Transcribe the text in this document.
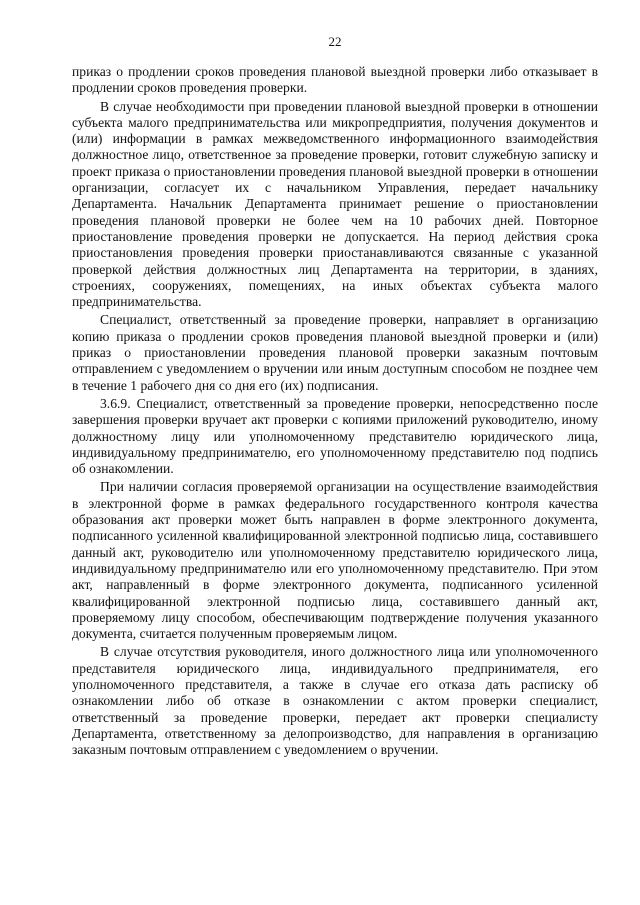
22

приказ о продлении сроков проведения плановой выездной проверки либо отказывает в продлении сроков проведения проверки.

В случае необходимости при проведении плановой выездной проверки в отношении субъекта малого предпринимательства или микропредприятия, получения документов и (или) информации в рамках межведомственного информационного взаимодействия должностное лицо, ответственное за проведение проверки, готовит служебную записку и проект приказа о приостановлении проведения плановой выездной проверки в отношении организации, согласует их с начальником Управления, передает начальнику Департамента. Начальник Департамента принимает решение о приостановлении проведения плановой проверки не более чем на 10 рабочих дней. Повторное приостановление проведения проверки не допускается. На период действия срока приостановления проведения проверки приостанавливаются связанные с указанной проверкой действия должностных лиц Департамента на территории, в зданиях, строениях, сооружениях, помещениях, на иных объектах субъекта малого предпринимательства.

Специалист, ответственный за проведение проверки, направляет в организацию копию приказа о продлении сроков проведения плановой выездной проверки и (или) приказ о приостановлении проведения плановой проверки заказным почтовым отправлением с уведомлением о вручении или иным доступным способом не позднее чем в течение 1 рабочего дня со дня его (их) подписания.

3.6.9. Специалист, ответственный за проведение проверки, непосредственно после завершения проверки вручает акт проверки с копиями приложений руководителю, иному должностному лицу или уполномоченному представителю юридического лица, индивидуальному предпринимателю, его уполномоченному представителю под подпись об ознакомлении.

При наличии согласия проверяемой организации на осуществление взаимодействия в электронной форме в рамках федерального государственного контроля качества образования акт проверки может быть направлен в форме электронного документа, подписанного усиленной квалифицированной электронной подписью лица, составившего данный акт, руководителю или уполномоченному представителю юридического лица, индивидуальному предпринимателю или его уполномоченному представителю. При этом акт, направленный в форме электронного документа, подписанного усиленной квалифицированной электронной подписью лица, составившего данный акт, проверяемому лицу способом, обеспечивающим подтверждение получения указанного документа, считается полученным проверяемым лицом.

В случае отсутствия руководителя, иного должностного лица или уполномоченного представителя юридического лица, индивидуального предпринимателя, его уполномоченного представителя, а также в случае его отказа дать расписку об ознакомлении либо об отказе в ознакомлении с актом проверки специалист, ответственный за проведение проверки, передает акт проверки специалисту Департамента, ответственному за делопроизводство, для направления в организацию заказным почтовым отправлением с уведомлением о вручении.
